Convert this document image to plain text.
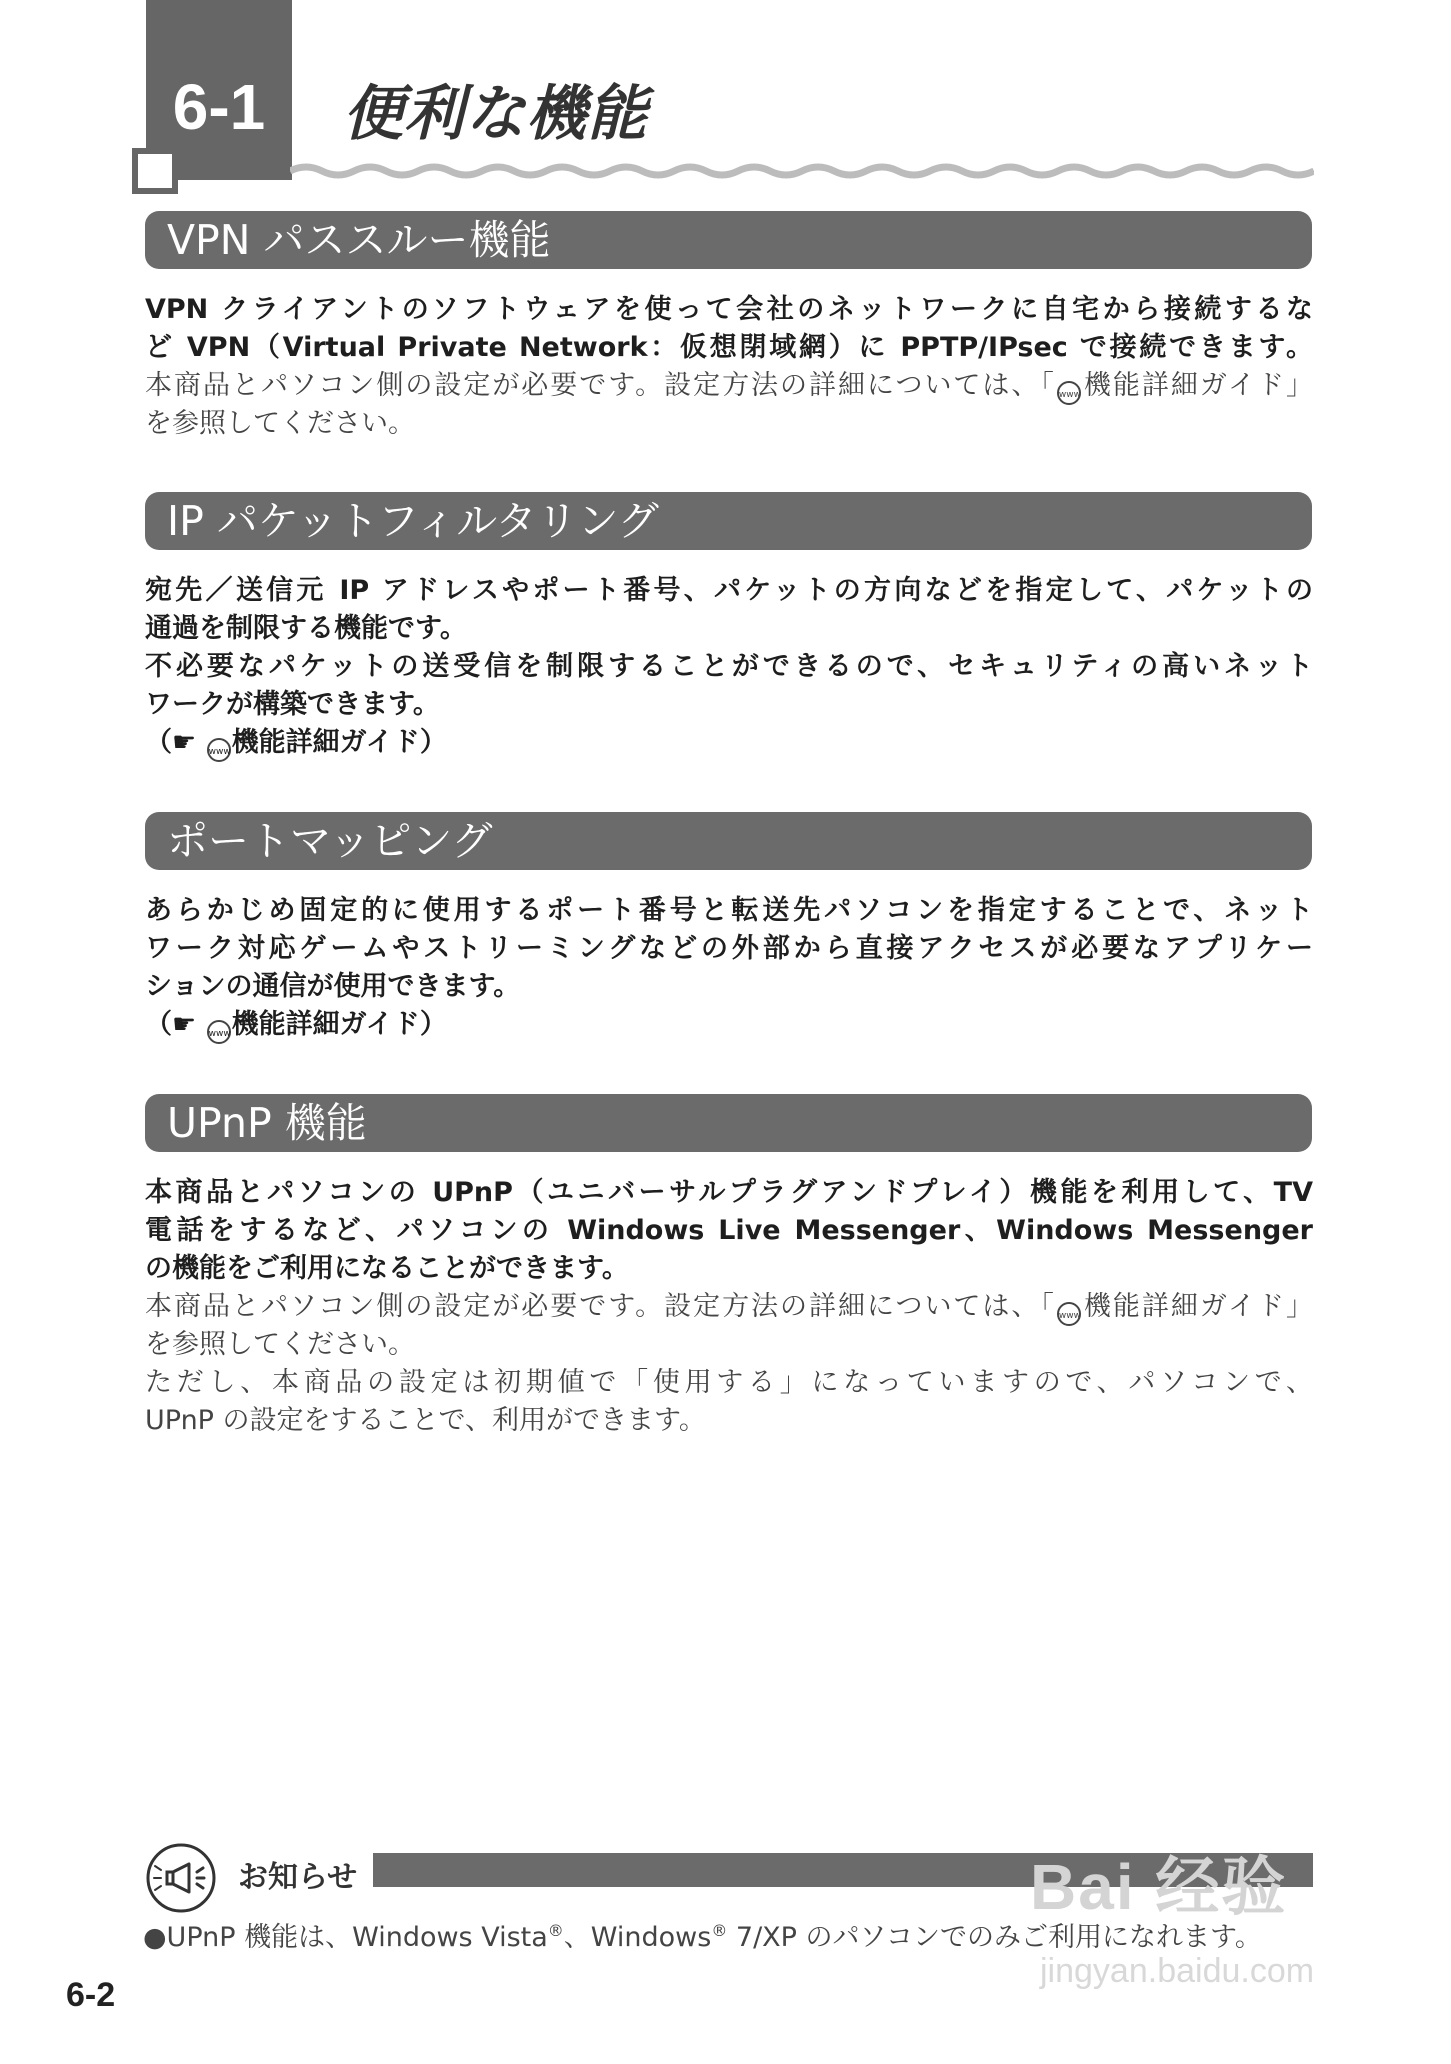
6-1	便利な機能
VPN パススルー機能
VPN クライアントのソフトウェアを使って会社のネットワークに自宅から接続するな
ど VPN（Virtual Private Network：仮想閉域網）に PPTP/IPsec で接続できます。
本商品とパソコン側の設定が必要です。設定方法の詳細については、「 www機能詳細ガイド」
を参照してください。
IP パケットフィルタリング
宛先／送信元 IP アドレスやポート番号、パケットの方向などを指定して、パケットの
通過を制限する機能です。
不必要なパケットの送受信を制限することができるので、セキュリティの高いネット
ワークが構築できます。
（☛ www機能詳細ガイド）
ポートマッピング
あらかじめ固定的に使用するポート番号と転送先パソコンを指定することで、ネット
ワーク対応ゲームやストリーミングなどの外部から直接アクセスが必要なアプリケー
ションの通信が使用できます。
（☛ www機能詳細ガイド）
UPnP 機能
本商品とパソコンの UPnP（ユニバーサルプラグアンドプレイ）機能を利用して、TV
電話をするなど、パソコンの Windows Live Messenger、Windows Messenger
の機能をご利用になることができます。
本商品とパソコン側の設定が必要です。設定方法の詳細については、「 www機能詳細ガイド」
を参照してください。
ただし、本商品の設定は初期値で「使用する」になっていますので、パソコンで、
UPnP の設定をすることで、利用ができます。
お知らせ
●UPnP 機能は、Windows Vista®、Windows® 7/XP のパソコンでのみご利用になれます。
6-2
Bai 经验
jingyan.baidu.com
